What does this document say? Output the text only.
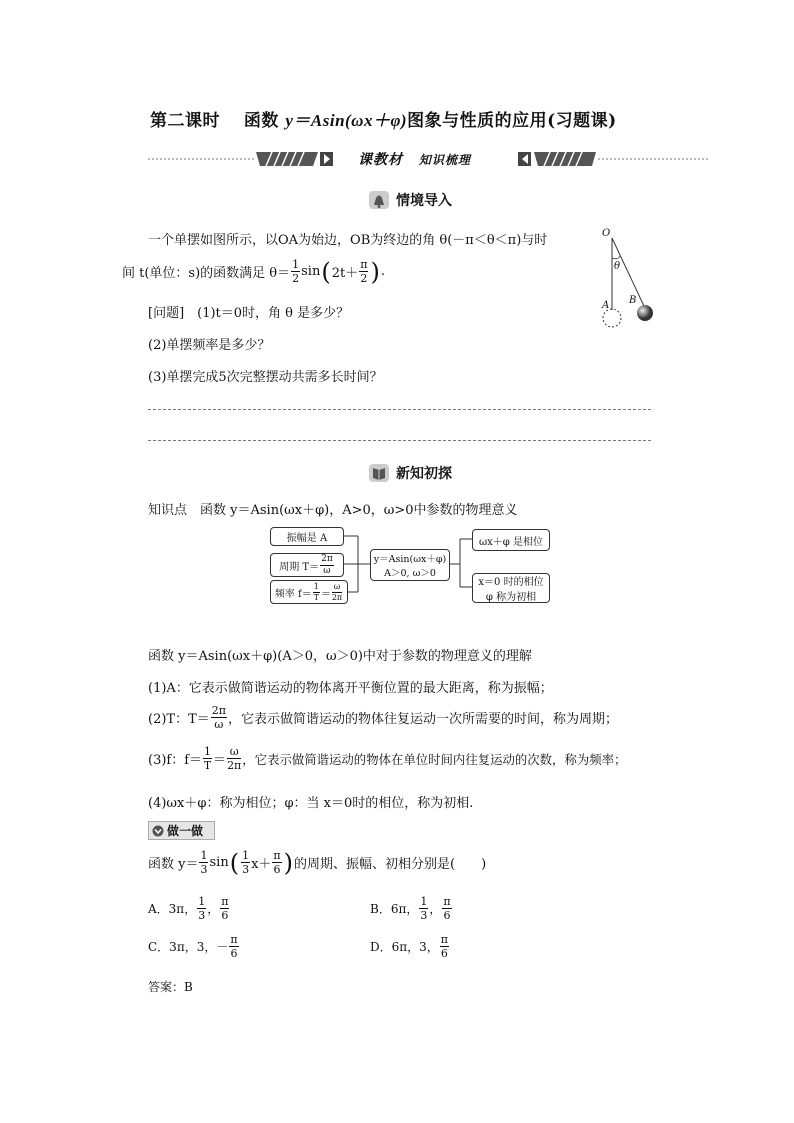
第二课时　 函数 y＝Asin(ωx＋φ)图象与性质的应用(习题课)
课教材 知识梳理
情境导入
一个单摆如图所示，以OA为始边，OB为终边的角 θ(－π＜θ＜π)与时
间 t(单位：s)的函数满足 $\theta= \frac{1}{2}$ sin ( $2t+ \frac{\pi}{2}$ ) .
[问题]　(1)t＝0时，角 θ 是多少？
(2)单摆频率是多少？
(3)单摆完成5次完整摆动共需多长时间？
O
θ
A B
新知初探
知识点　函数 y＝Asin(ωx＋φ)，A>0，ω>0中参数的物理意义
振幅是 A
周期 $T= \frac{2\pi}{\omega}$
频率 $f= \frac{1}{T} = \frac{\omega}{2\pi}$
y＝Asin(ωx＋φ)
A＞0, ω＞0
ωx＋φ 是相位
x＝0 时的相位
φ 称为初相
函数 y＝Asin(ωx＋φ)(A＞0，ω＞0)中对于参数的物理意义的理解
(1)A：它表示做简谐运动的物体离开平衡位置的最大距离，称为振幅；
(2)T：$T= \frac{2\pi}{\omega}$ ，它表示做简谐运动的物体往复运动一次所需要的时间，称为周期；
(3)f：$f= \frac{1}{T} = \frac{\omega}{2\pi}$ ，它表示做简谐运动的物体在单位时间内往复运动的次数，称为频率；
(4)ωx＋φ：称为相位；φ：当 x＝0时的相位，称为初相.
做一做
函数 $y= \frac{1}{3}$ sin ( $\frac{1}{3} x+ \frac{\pi}{6}$ ) 的周期、振幅、初相分别是(　　)
A．3π， $\frac{1}{3}$ ， $\frac{\pi}{6}$	B．6π， $\frac{1}{3}$ ， $\frac{\pi}{6}$
C．3π，3，－ $\frac{\pi}{6}$	D．6π，3， $\frac{\pi}{6}$
答案：B
